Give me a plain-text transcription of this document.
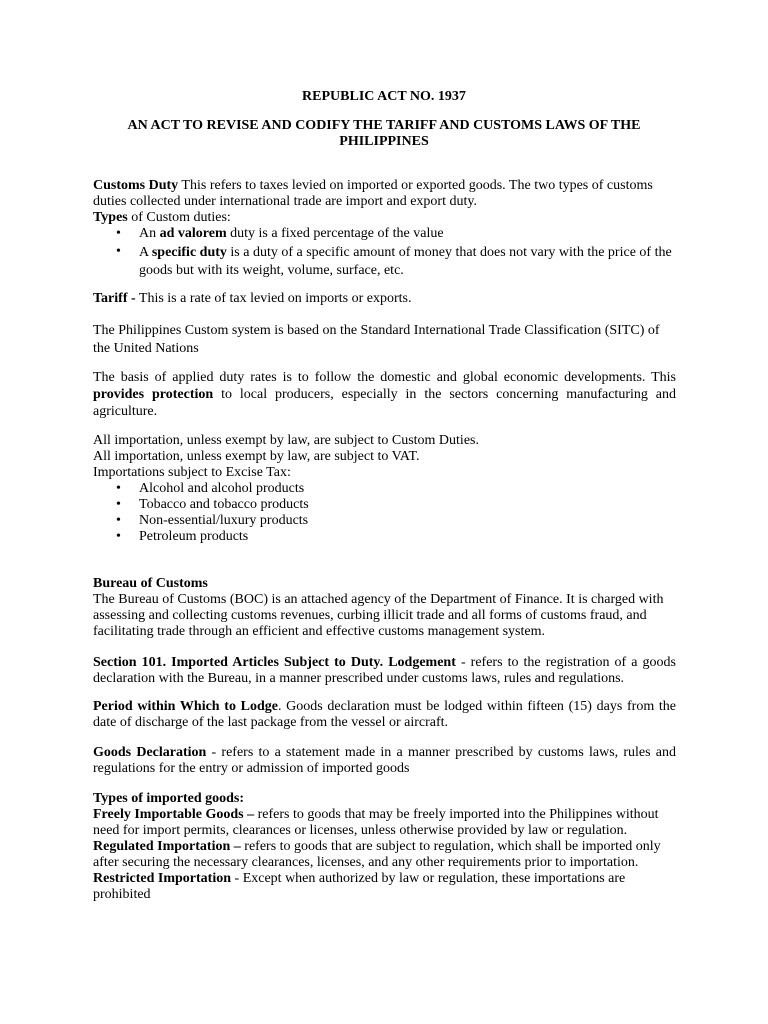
REPUBLIC ACT NO. 1937
AN ACT TO REVISE AND CODIFY THE TARIFF AND CUSTOMS LAWS OF THE
PHILIPPINES
Customs Duty This refers to taxes levied on imported or exported goods. The two types of customs
duties collected under international trade are import and export duty.
Types of Custom duties:
• An ad valorem duty is a fixed percentage of the value
• A specific duty is a duty of a specific amount of money that does not vary with the price of the goods but with its weight, volume, surface, etc.
Tariff - This is a rate of tax levied on imports or exports.
The Philippines Custom system is based on the Standard International Trade Classification (SITC) of the United Nations
The basis of applied duty rates is to follow the domestic and global economic developments. This provides protection to local producers, especially in the sectors concerning manufacturing and agriculture.
All importation, unless exempt by law, are subject to Custom Duties.
All importation, unless exempt by law, are subject to VAT.
Importations subject to Excise Tax:
• Alcohol and alcohol products
• Tobacco and tobacco products
• Non-essential/luxury products
• Petroleum products
Bureau of Customs
The Bureau of Customs (BOC) is an attached agency of the Department of Finance. It is charged with
assessing and collecting customs revenues, curbing illicit trade and all forms of customs fraud, and
facilitating trade through an efficient and effective customs management system.
Section 101. Imported Articles Subject to Duty. Lodgement - refers to the registration of a goods declaration with the Bureau, in a manner prescribed under customs laws, rules and regulations.
Period within Which to Lodge. Goods declaration must be lodged within fifteen (15) days from the date of discharge of the last package from the vessel or aircraft.
Goods Declaration - refers to a statement made in a manner prescribed by customs laws, rules and regulations for the entry or admission of imported goods
Types of imported goods:
Freely Importable Goods – refers to goods that may be freely imported into the Philippines without
need for import permits, clearances or licenses, unless otherwise provided by law or regulation.
Regulated Importation – refers to goods that are subject to regulation, which shall be imported only
after securing the necessary clearances, licenses, and any other requirements prior to importation.
Restricted Importation - Except when authorized by law or regulation, these importations are
prohibited
